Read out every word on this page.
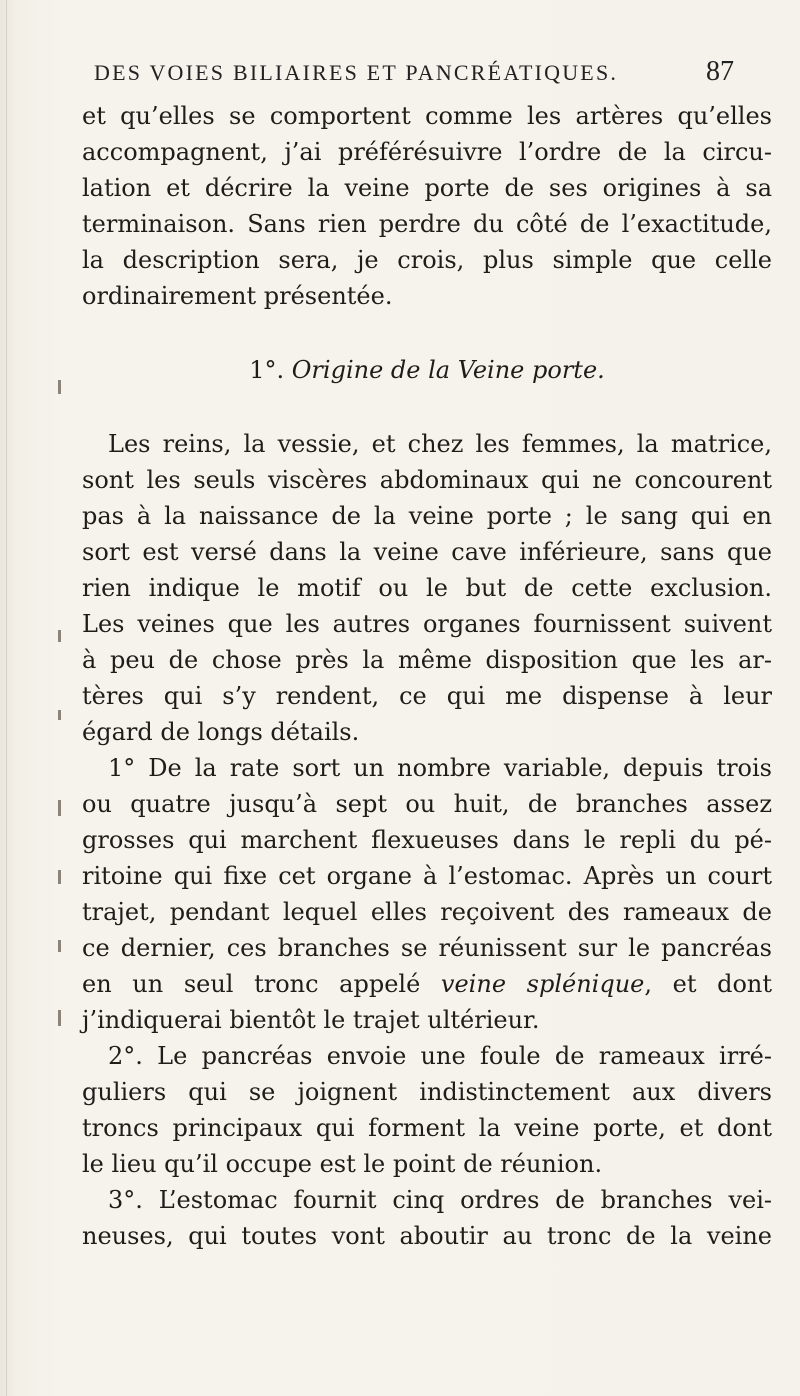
DES VOIES BILIAIRES ET PANCRÉATIQUES.	87
et qu’elles se comportent comme les artères qu’elles
accompagnent, j’ai préférésuivre l’ordre de la circu-
lation et décrire la veine porte de ses origines à sa
terminaison. Sans rien perdre du côté de l’exactitude,
la description sera, je crois, plus simple que celle
ordinairement présentée.
1°. Origine de la Veine porte.
Les reins, la vessie, et chez les femmes, la matrice,
sont les seuls viscères abdominaux qui ne concourent
pas à la naissance de la veine porte ; le sang qui en
sort est versé dans la veine cave inférieure, sans que
rien indique le motif ou le but de cette exclusion.
Les veines que les autres organes fournissent suivent
à peu de chose près la même disposition que les ar-
tères qui s’y rendent, ce qui me dispense à leur
égard de longs détails.
1° De la rate sort un nombre variable, depuis trois
ou quatre jusqu’à sept ou huit, de branches assez
grosses qui marchent flexueuses dans le repli du pé-
ritoine qui fixe cet organe à l’estomac. Après un court
trajet, pendant lequel elles reçoivent des rameaux de
ce dernier, ces branches se réunissent sur le pancréas
en un seul tronc appelé veine splénique, et dont
j’indiquerai bientôt le trajet ultérieur.
2°. Le pancréas envoie une foule de rameaux irré-
guliers qui se joignent indistinctement aux divers
troncs principaux qui forment la veine porte, et dont
le lieu qu’il occupe est le point de réunion.
3°. L’estomac fournit cinq ordres de branches vei-
neuses, qui toutes vont aboutir au tronc de la veine
